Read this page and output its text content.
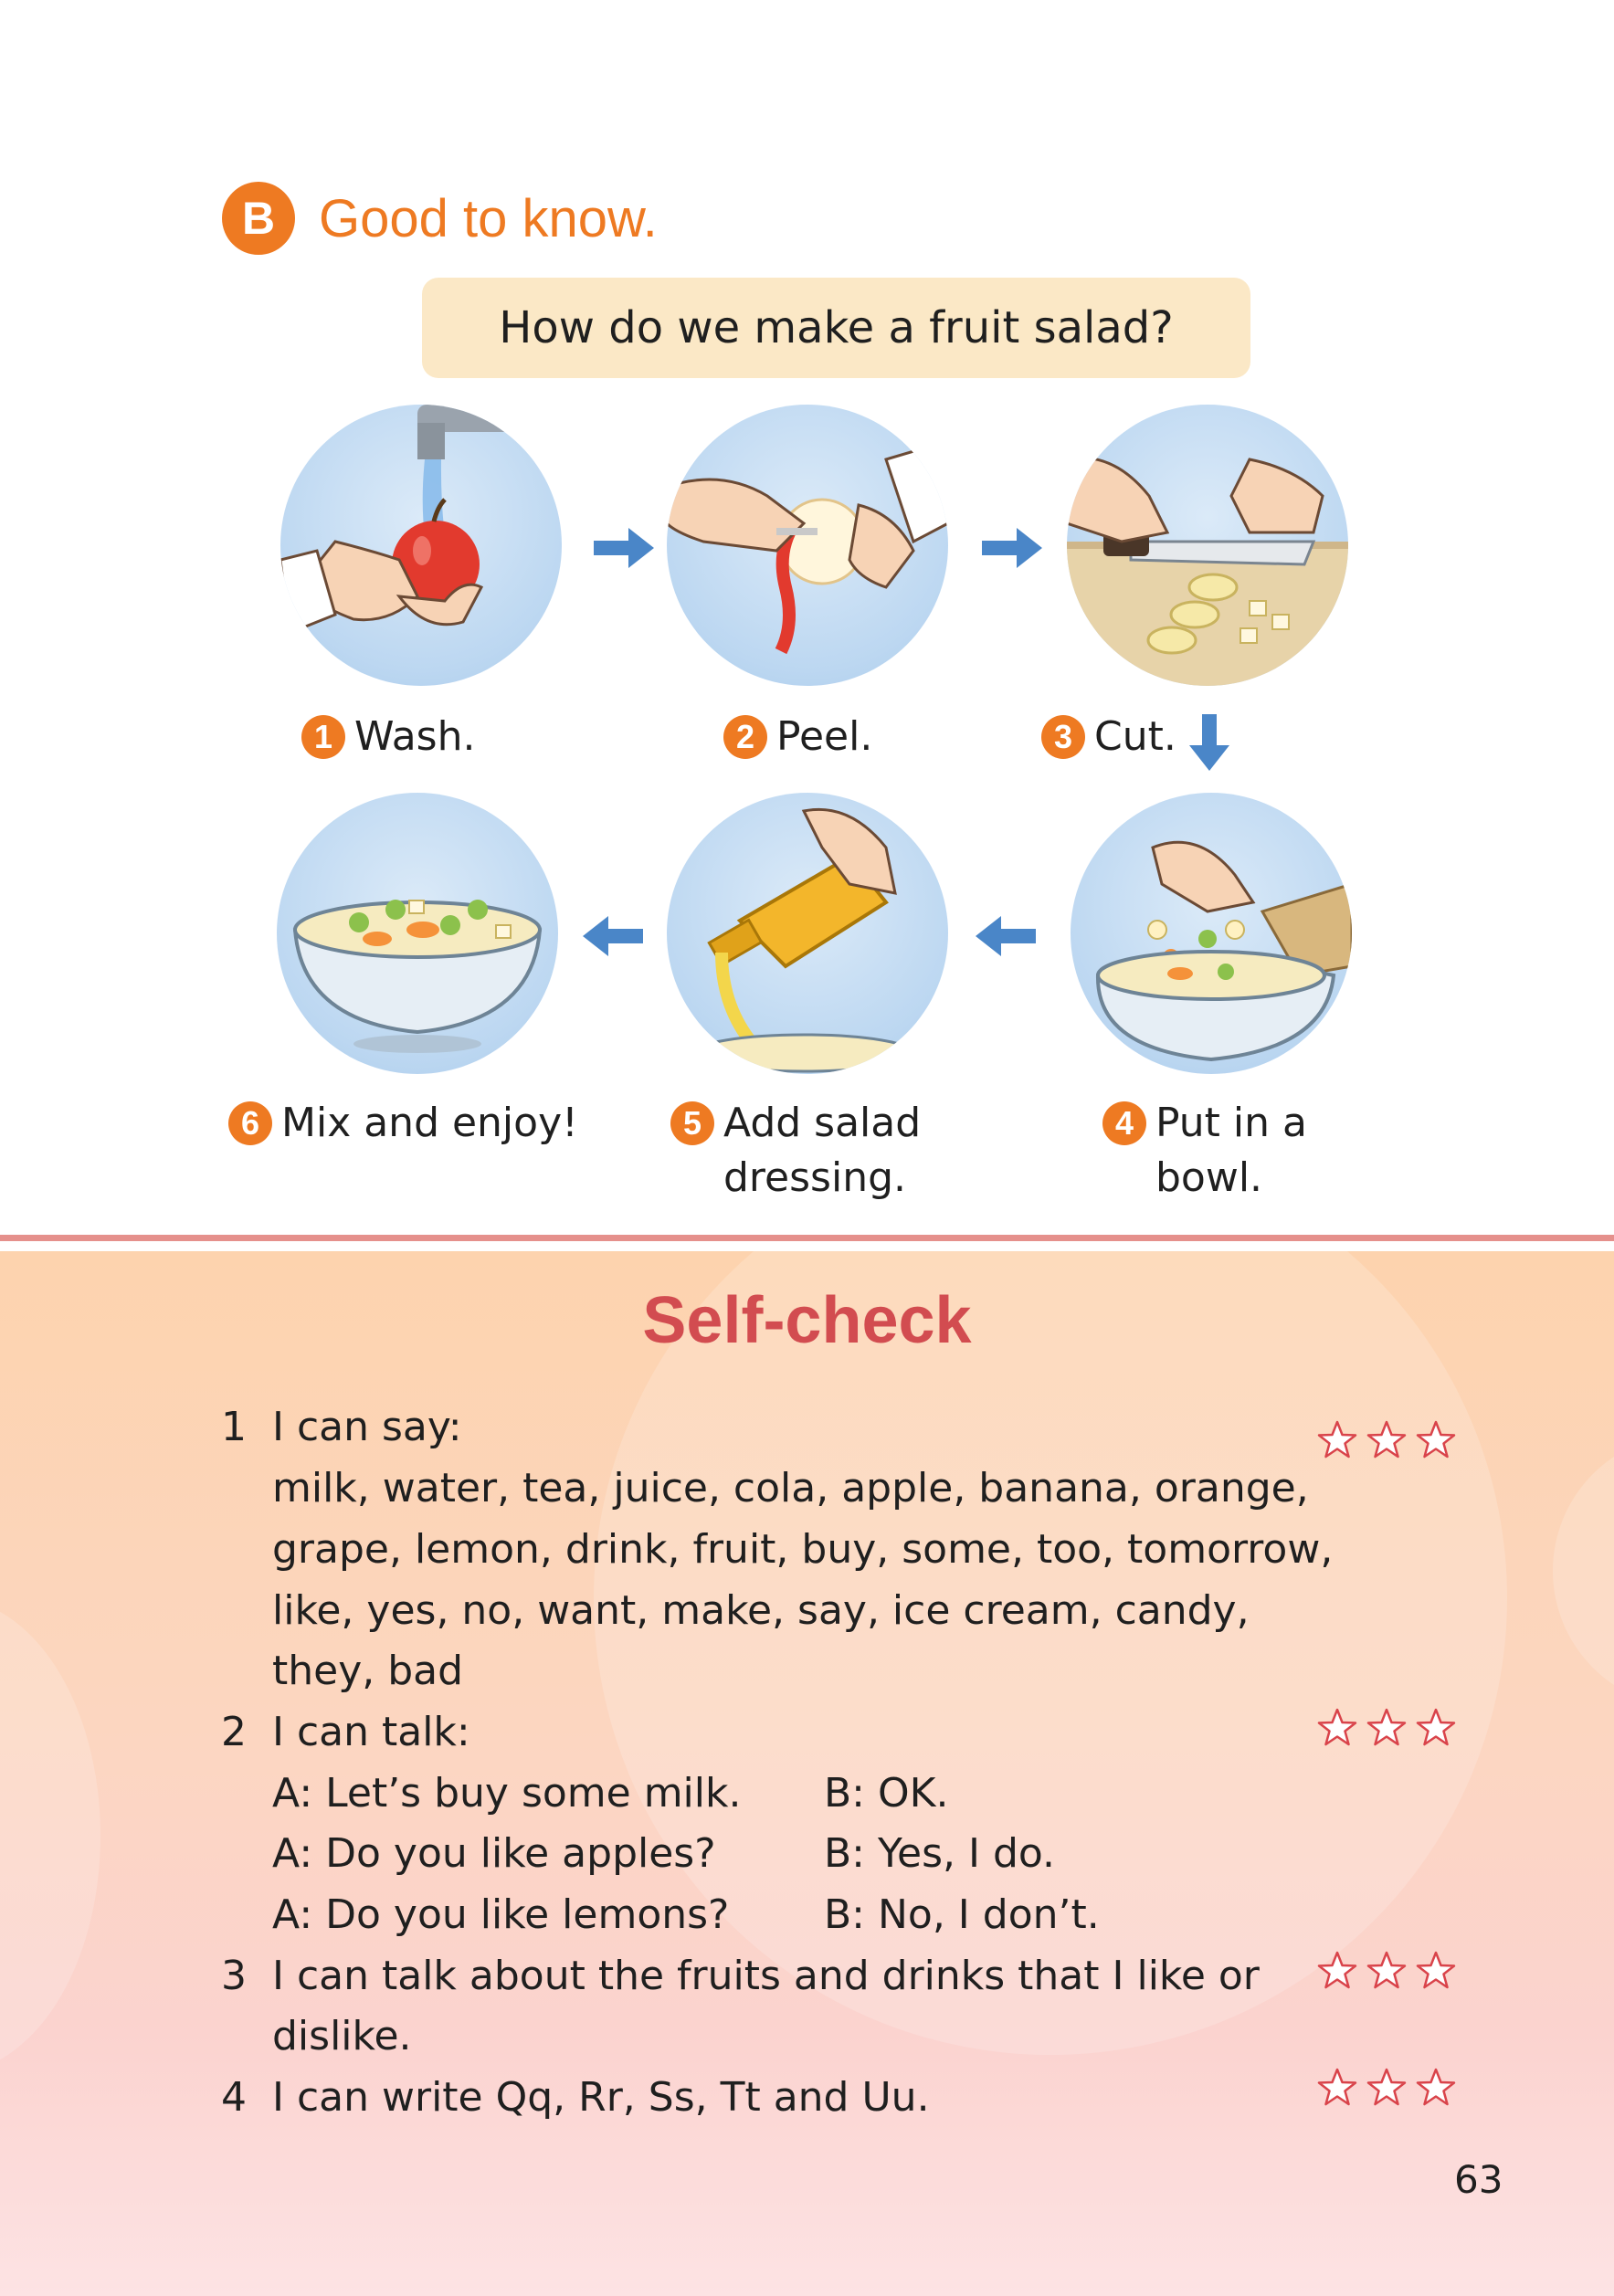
B Good to know.
How do we make a fruit salad?
1 Wash.	2 Peel.	3 Cut.
6 Mix and enjoy!	5 Add salad
dressing.
4 Put in a
bowl.
Self-check
1 I can say:
milk, water, tea, juice, cola, apple, banana, orange,
grape, lemon, drink, fruit, buy, some, too, tomorrow,
like, yes, no, want, make, say, ice cream, candy,
they, bad
2 I can talk:
A: Let’s buy some milk. B: OK.
A: Do you like apples?	B: Yes, I do.
A: Do you like lemons? B: No, I don’t.
3 I can talk about the fruits and drinks that I like or
dislike.
4 I can write Qq, Rr, Ss, Tt and Uu.
63
